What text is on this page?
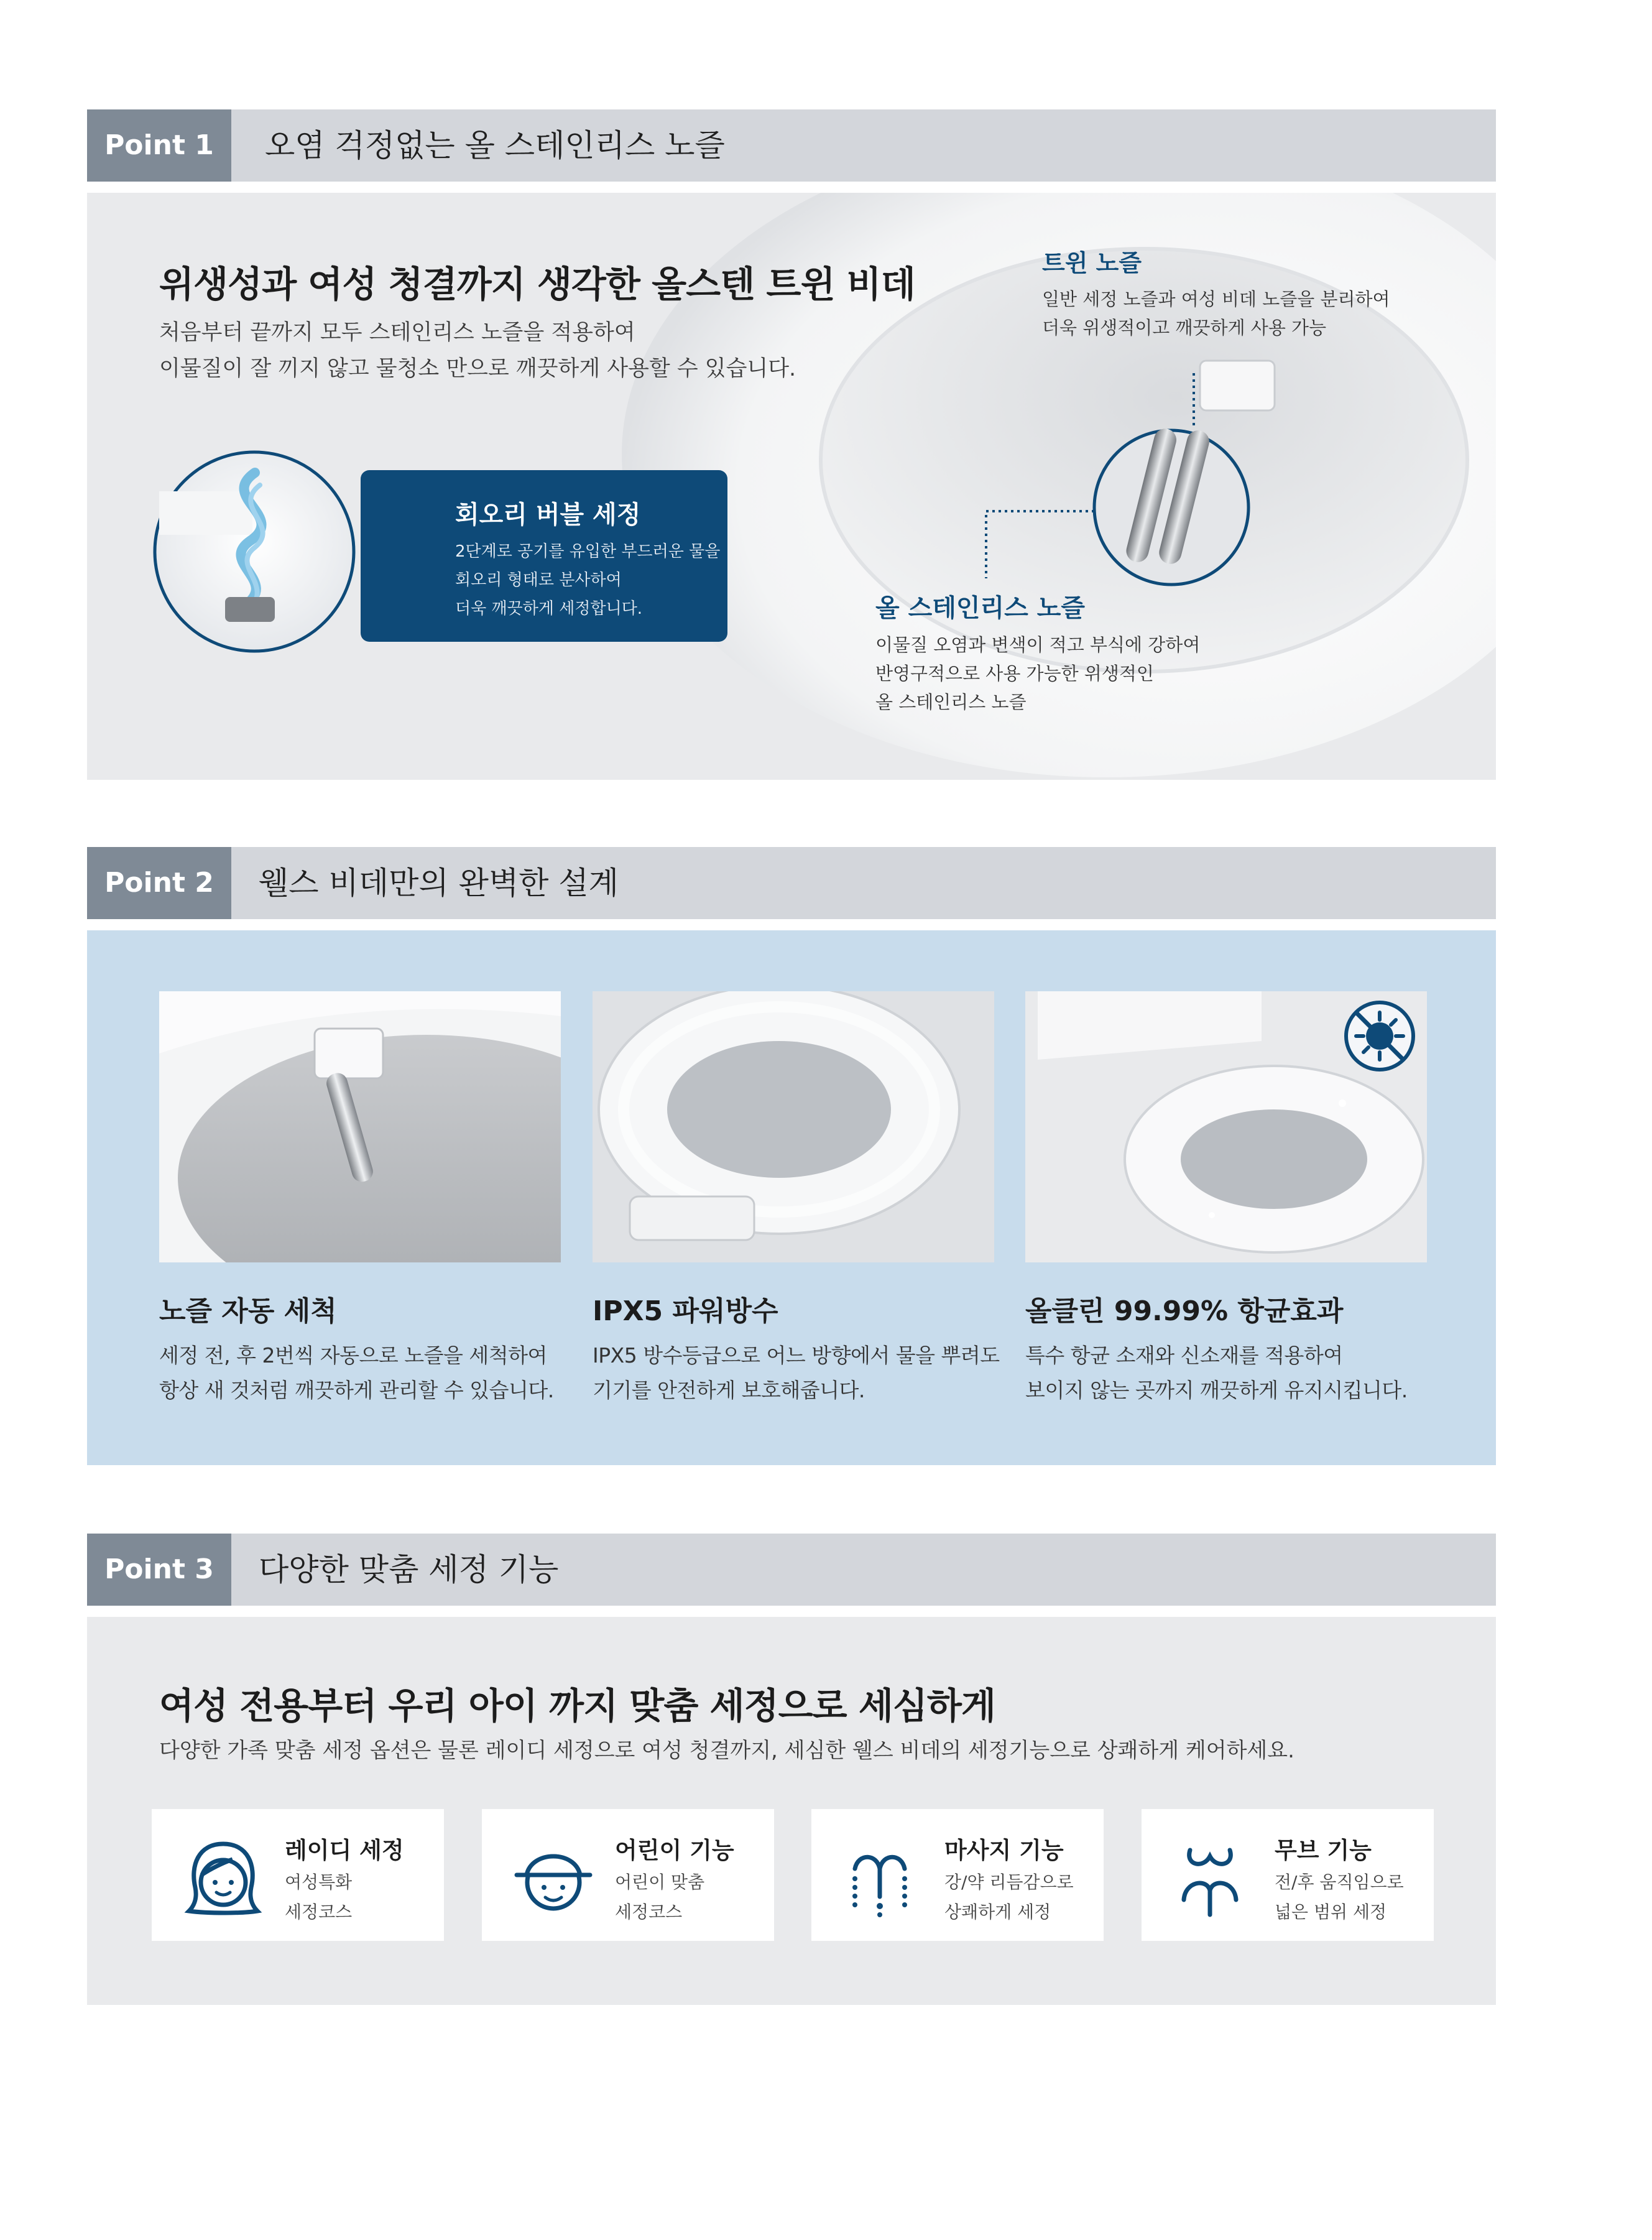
Point 1	오염 걱정없는 올 스테인리스 노즐
위생성과 여성 청결까지 생각한 올스텐 트윈 비데
처음부터 끝까지 모두 스테인리스 노즐을 적용하여
이물질이 잘 끼지 않고 물청소 만으로 깨끗하게 사용할 수 있습니다.
트윈 노즐
일반 세정 노즐과 여성 비데 노즐을 분리하여
더욱 위생적이고 깨끗하게 사용 가능
올 스테인리스 노즐
이물질 오염과 변색이 적고 부식에 강하여
반영구적으로 사용 가능한 위생적인
올 스테인리스 노즐
회오리 버블 세정
2단계로 공기를 유입한 부드러운 물을
회오리 형태로 분사하여
더욱 깨끗하게 세정합니다.
Point 2	웰스 비데만의 완벽한 설계
노즐 자동 세척
세정 전, 후 2번씩 자동으로 노즐을 세척하여
항상 새 것처럼 깨끗하게 관리할 수 있습니다.
IPX5 파워방수
IPX5 방수등급으로 어느 방향에서 물을 뿌려도
기기를 안전하게 보호해줍니다.
올클린 99.99% 항균효과
특수 항균 소재와 신소재를 적용하여
보이지 않는 곳까지 깨끗하게 유지시킵니다.
Point 3	다양한 맞춤 세정 기능
여성 전용부터 우리 아이 까지 맞춤 세정으로 세심하게
다양한 가족 맞춤 세정 옵션은 물론 레이디 세정으로 여성 청결까지, 세심한 웰스 비데의 세정기능으로 상쾌하게 케어하세요.
레이디 세정
여성특화
세정코스
어린이 기능
어린이 맞춤
세정코스
마사지 기능
강/약 리듬감으로
상쾌하게 세정
무브 기능
전/후 움직임으로
넓은 범위 세정
